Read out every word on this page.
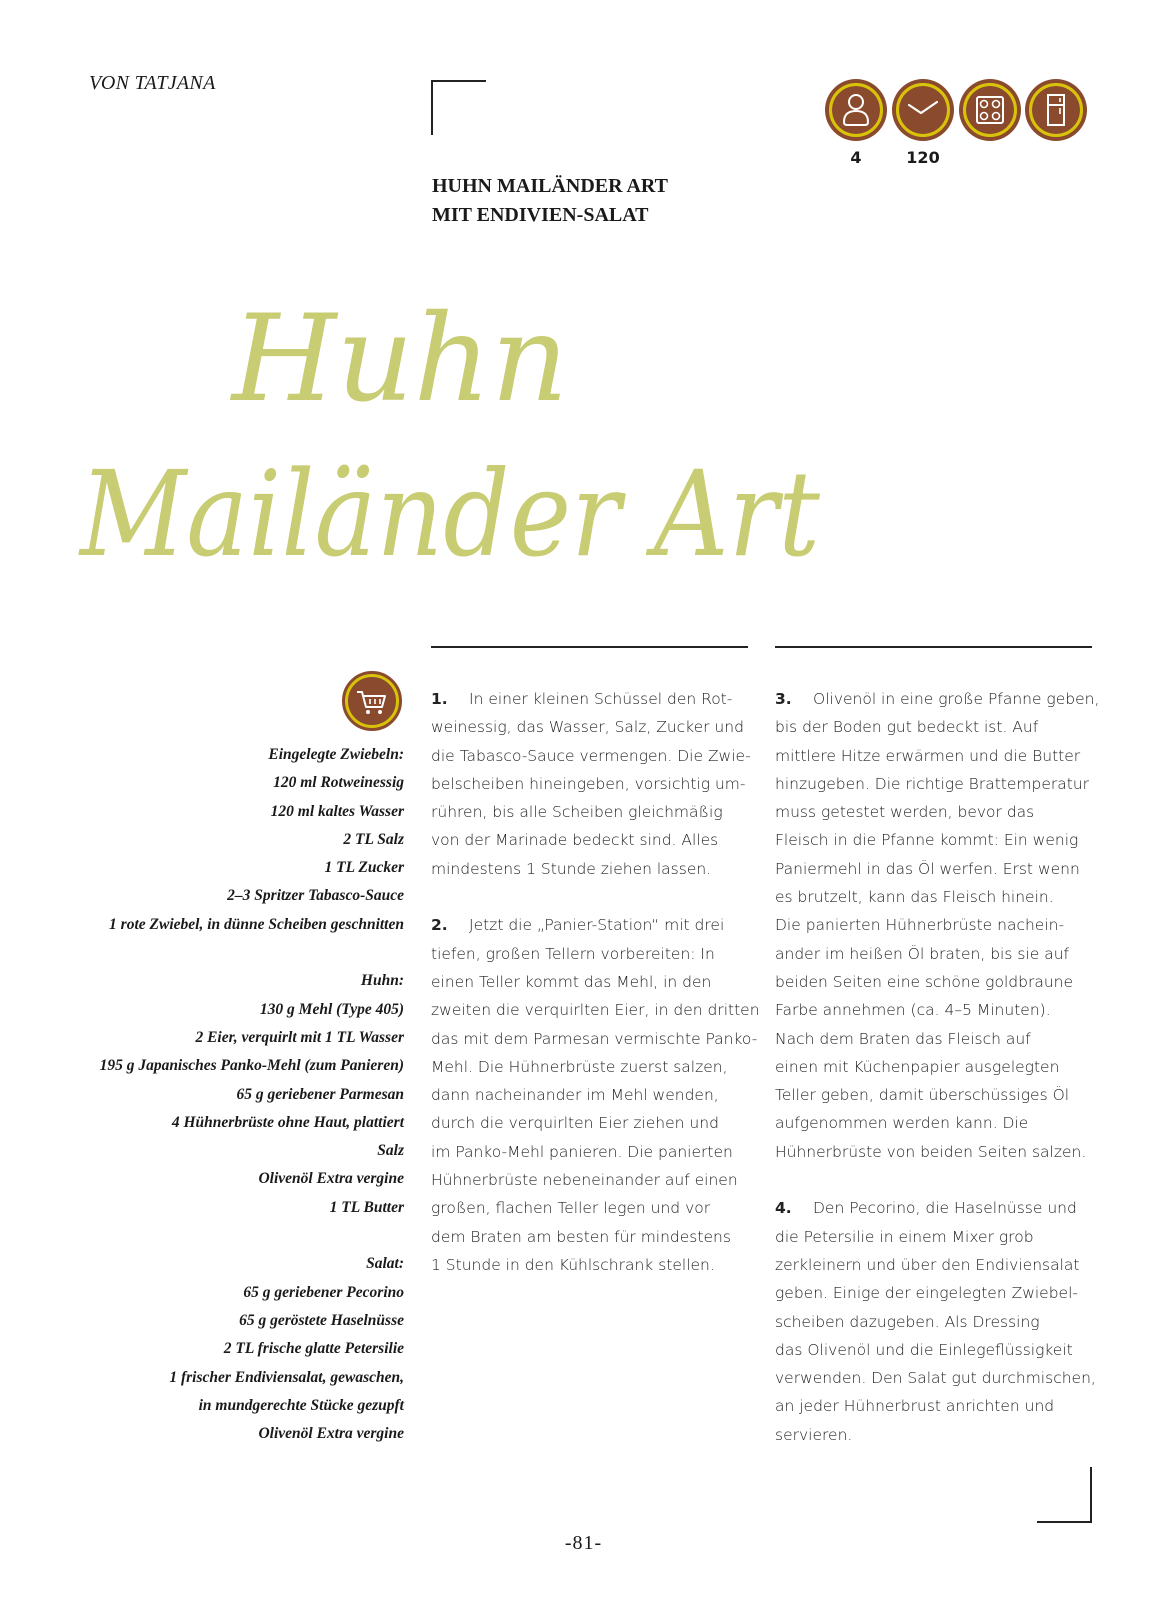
VON TATJANA
HUHN MAILÄNDER ART
MIT ENDIVIEN-SALAT
4	120
Huhn
Mailänder Art
Eingelegte Zwiebeln:
120 ml Rotweinessig
120 ml kaltes Wasser
2 TL Salz
1 TL Zucker
2–3 Spritzer Tabasco-Sauce
1 rote Zwiebel, in dünne Scheiben geschnitten
Huhn:
130 g Mehl (Type 405)
2 Eier, verquirlt mit 1 TL Wasser
195 g Japanisches Panko-Mehl (zum Panieren)
65 g geriebener Parmesan
4 Hühnerbrüste ohne Haut, plattiert
Salz
Olivenöl Extra vergine
1 TL Butter
Salat:
65 g geriebener Pecorino
65 g geröstete Haselnüsse
2 TL frische glatte Petersilie
1 frischer Endiviensalat, gewaschen,
in mundgerechte Stücke gezupft
Olivenöl Extra vergine
1. In einer kleinen Schüssel den Rot-
weinessig, das Wasser, Salz, Zucker und
die Tabasco-Sauce vermengen. Die Zwie-
belscheiben hineingeben, vorsichtig um-
rühren, bis alle Scheiben gleichmäßig
von der Marinade bedeckt sind. Alles
mindestens 1 Stunde ziehen lassen.
2. Jetzt die „Panier-Station“ mit drei
tiefen, großen Tellern vorbereiten: In
einen Teller kommt das Mehl, in den
zweiten die verquirlten Eier, in den dritten
das mit dem Parmesan vermischte Panko-
Mehl. Die Hühnerbrüste zuerst salzen,
dann nacheinander im Mehl wenden,
durch die verquirlten Eier ziehen und
im Panko-Mehl panieren. Die panierten
Hühnerbrüste nebeneinander auf einen
großen, flachen Teller legen und vor
dem Braten am besten für mindestens
1 Stunde in den Kühlschrank stellen.
3. Olivenöl in eine große Pfanne geben,
bis der Boden gut bedeckt ist. Auf
mittlere Hitze erwärmen und die Butter
hinzugeben. Die richtige Brattemperatur
muss getestet werden, bevor das
Fleisch in die Pfanne kommt: Ein wenig
Paniermehl in das Öl werfen. Erst wenn
es brutzelt, kann das Fleisch hinein.
Die panierten Hühnerbrüste nachein-
ander im heißen Öl braten, bis sie auf
beiden Seiten eine schöne goldbraune
Farbe annehmen (ca. 4–5 Minuten).
Nach dem Braten das Fleisch auf
einen mit Küchenpapier ausgelegten
Teller geben, damit überschüssiges Öl
aufgenommen werden kann. Die
Hühnerbrüste von beiden Seiten salzen.
4. Den Pecorino, die Haselnüsse und
die Petersilie in einem Mixer grob
zerkleinern und über den Endiviensalat
geben. Einige der eingelegten Zwiebel-
scheiben dazugeben. Als Dressing
das Olivenöl und die Einlegeflüssigkeit
verwenden. Den Salat gut durchmischen,
an jeder Hühnerbrust anrichten und
servieren.
-81-
